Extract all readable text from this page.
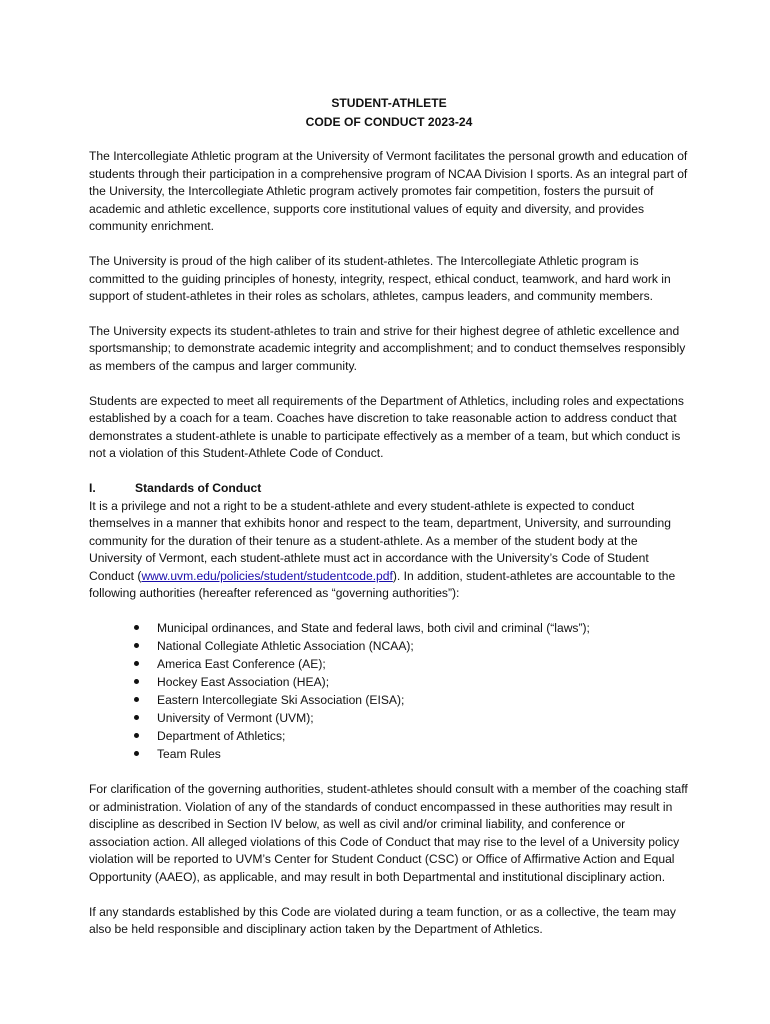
STUDENT-ATHLETE
CODE OF CONDUCT 2023-24

The Intercollegiate Athletic program at the University of Vermont facilitates the personal growth and education of students through their participation in a comprehensive program of NCAA Division I sports. As an integral part of the University, the Intercollegiate Athletic program actively promotes fair competition, fosters the pursuit of academic and athletic excellence, supports core institutional values of equity and diversity, and provides community enrichment.

The University is proud of the high caliber of its student-athletes. The Intercollegiate Athletic program is committed to the guiding principles of honesty, integrity, respect, ethical conduct, teamwork, and hard work in support of student-athletes in their roles as scholars, athletes, campus leaders, and community members.

The University expects its student-athletes to train and strive for their highest degree of athletic excellence and sportsmanship; to demonstrate academic integrity and accomplishment; and to conduct themselves responsibly as members of the campus and larger community.

Students are expected to meet all requirements of the Department of Athletics, including roles and expectations established by a coach for a team. Coaches have discretion to take reasonable action to address conduct that demonstrates a student-athlete is unable to participate effectively as a member of a team, but which conduct is not a violation of this Student-Athlete Code of Conduct.

I.	Standards of Conduct

It is a privilege and not a right to be a student-athlete and every student-athlete is expected to conduct themselves in a manner that exhibits honor and respect to the team, department, University, and surrounding community for the duration of their tenure as a student-athlete. As a member of the student body at the University of Vermont, each student-athlete must act in accordance with the University’s Code of Student Conduct (www.uvm.edu/policies/student/studentcode.pdf). In addition, student-athletes are accountable to the following authorities (hereafter referenced as “governing authorities”):

Municipal ordinances, and State and federal laws, both civil and criminal (“laws”);
National Collegiate Athletic Association (NCAA);
America East Conference (AE);
Hockey East Association (HEA);
Eastern Intercollegiate Ski Association (EISA);
University of Vermont (UVM);
Department of Athletics;
Team Rules

For clarification of the governing authorities, student-athletes should consult with a member of the coaching staff or administration. Violation of any of the standards of conduct encompassed in these authorities may result in discipline as described in Section IV below, as well as civil and/or criminal liability, and conference or association action. All alleged violations of this Code of Conduct that may rise to the level of a University policy violation will be reported to UVM’s Center for Student Conduct (CSC) or Office of Affirmative Action and Equal Opportunity (AAEO), as applicable, and may result in both Departmental and institutional disciplinary action.

If any standards established by this Code are violated during a team function, or as a collective, the team may also be held responsible and disciplinary action taken by the Department of Athletics.
